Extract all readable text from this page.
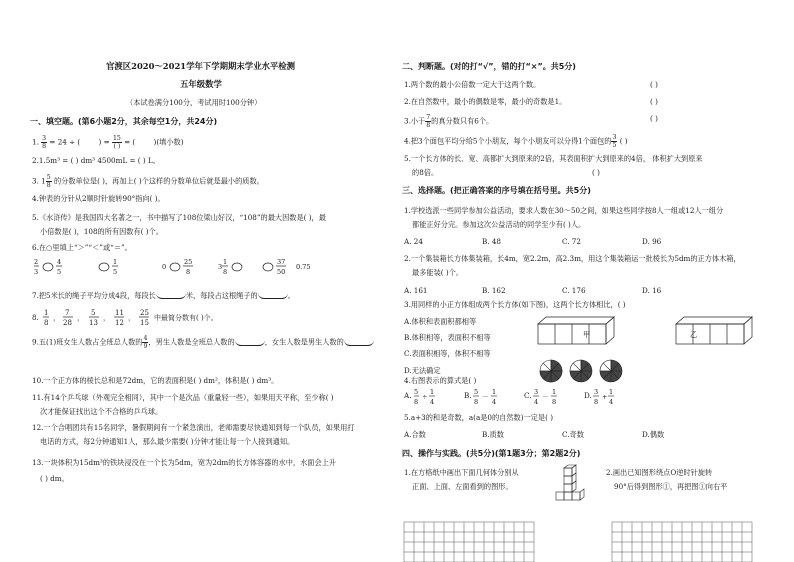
官渡区2020～2021学年下学期期末学业水平检测
五年级数学
（本试卷满分100分，考试用时100分钟）
一、填空题。(第6小题2分，其余每空1分，共24分)
1. $\frac{3}{8} = 24$ ÷ (	) = $\frac{15}{( )}$ = (	)(填小数)
2.1.5m³ = ( ) dm³ 4500mL = ( ) L。
3. $1 \frac{5}{8}$ 的分数单位是( )，再加上( )个这样的分数单位后就是最小的质数。
4.钟表的分针从2顺时针旋转90°指向( )。
5.《水浒传》是我国四大名著之一，书中描写了108位梁山好汉，“108”的最大因数是( )，最
小倍数是( )，108的所有因数有( )个。
6.在○里填上“＞”“＜”或“＝”。
2
3
4
5
1
5
0
25
8
3
1
8
37
50
0.75
7.把5米长的绳子平均分成4段，每段长	米，每段占这根绳子的	。
8.
1
8
，
7
28
，
5
13
，
11
12
，
25
15
中最简分数有( )个。
9.五(1)班女生人数占全班总人数的 $\frac{4}{9}$ ，男生人数是全班总人数的	，女生人数是男生人数的
10.一个正方体的棱长总和是72dm，它的表面积是( ) dm²，体积是( ) dm³。
11.有14个乒乓球（外观完全相同），其中一个是次品（重量轻一些），如果用天平称，至少称( )
次才能保证找出这个不合格的乒乓球。
12.一个合唱团共有15名同学，暑假期间有一个紧急演出，老师需要尽快通知到每一个队员，如果用打
电话的方式，每2分钟通知1人，那么最少需要( )分钟才能让每一个人接到通知。
13.一块体积为15dm³的铁块浸没在一个长为5dm，宽为2dm的长方体容器的水中，水面会上升
( ) dm。
二、判断题。(对的打“√”，错的打“×”。共5分)
1.两个数的最小公倍数一定大于这两个数。	( )
2.在自然数中，最小的偶数是零，最小的奇数是1。	( )
3.小于 $\frac{7}{8}$ 的真分数只有6个。	( )
4.把3个面包平均分给5个小朋友，每个小朋友可以分得1个面包的 $\frac{3}{5}$ ( )
5.一个长方体的长、宽、高都扩大到原来的2倍，其表面积扩大到原来的4倍， 体积扩大到原来
的8倍。	( )
三、选择题。(把正确答案的序号填在括号里。共5分)
1.学校选派一些同学参加公益活动，要求人数在30～50之间，如果这些同学按8人一组或12人一组分
都能正好分完。参加这次公益活动的同学至少有( )人。
A. 24	B. 48	C. 72	D. 96
2.一个集装箱长方体集装箱，长4m，宽2.2m，高2.3m，用这个集装箱运一批棱长为5dm的正方体木箱，
最多能装( )个。
A. 161	B. 162	C. 176	D. 16
3.用同样的小正方体组成两个长方体(如下图)，这两个长方体相比，( )
A.体积和表面积都相等
B.体积相等，表面积不相等
C.表面积相等，体积不相等
D.无法确定
甲	乙
4.右图表示的算式是( )
A.	B.	C.	D.
5
8
÷
1
4
5
8
－
1
4
3
4
－
1
8
3
8
+
1
4
5.a+3的和是奇数，a(a是0的自然数)一定是( )
A.合数	B.质数	C.奇数	D.偶数
四、操作与实践。(共5分)(第1题3分；第2题2分)
1.在方格纸中画出下面几何体分别从
正面、上面、左面看到的图形。
2.画出已知图形绕点O逆时针旋转
90°后得到图形①，再把图①向右平
